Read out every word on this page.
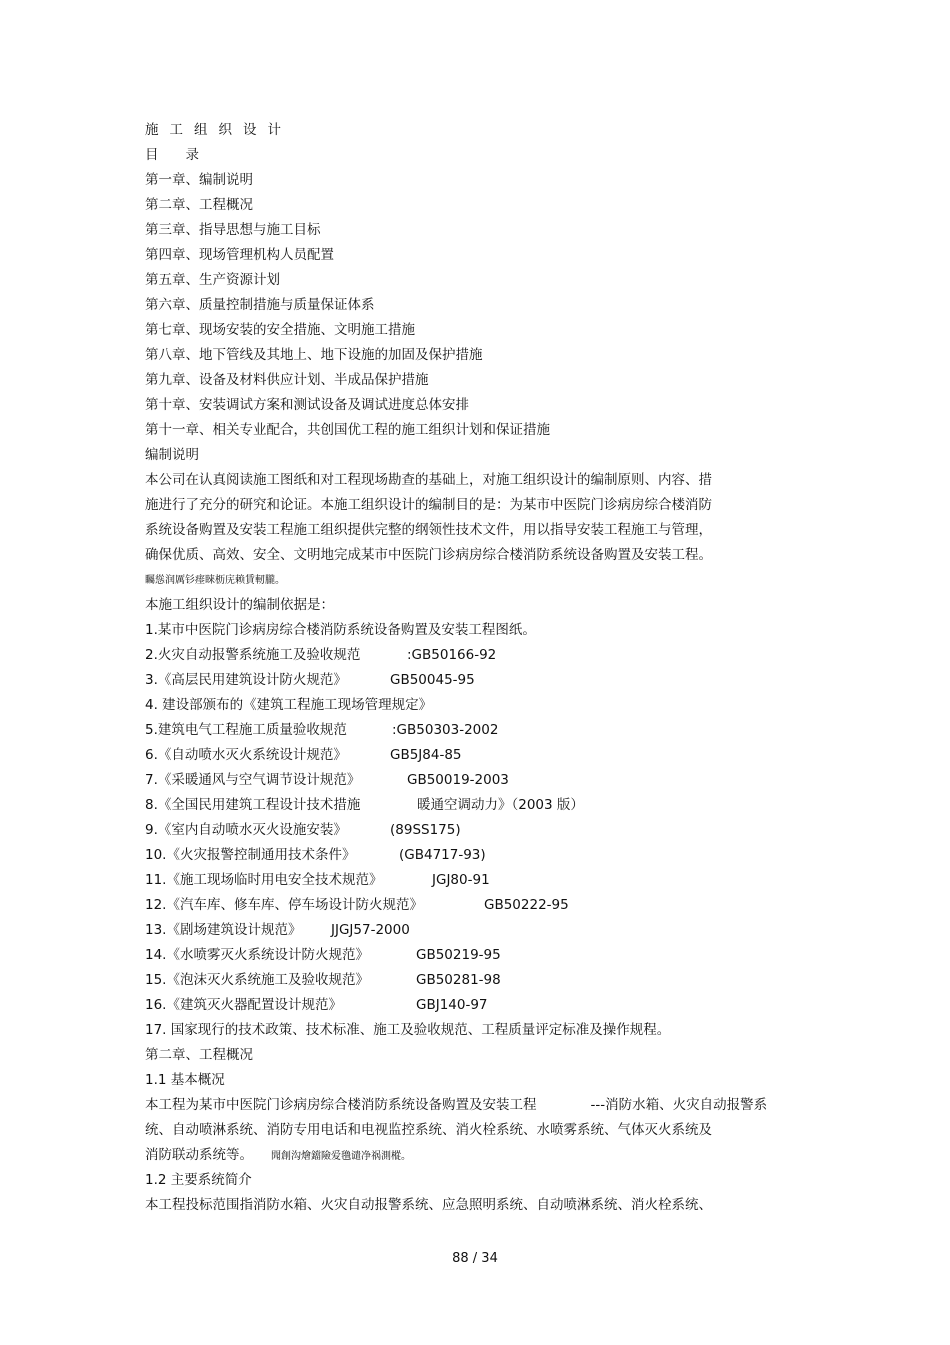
施工组织设计
目　　录
第一章、编制说明
第二章、工程概况
第三章、指导思想与施工目标
第四章、现场管理机构人员配置
第五章、生产资源计划
第六章、质量控制措施与质量保证体系
第七章、现场安装的安全措施、文明施工措施
第八章、地下管线及其地上、地下设施的加固及保护措施
第九章、设备及材料供应计划、半成品保护措施
第十章、安装调试方案和测试设备及调试进度总体安排
第十一章、相关专业配合，共创国优工程的施工组织计划和保证措施
编制说明
本公司在认真阅读施工图纸和对工程现场勘查的基础上，对施工组织设计的编制原则、内容、措
施进行了充分的研究和论证。本施工组织设计的编制目的是：为某市中医院门诊病房综合楼消防
系统设备购置及安装工程施工组织提供完整的纲领性技术文件，用以指导安装工程施工与管理，
确保优质、高效、安全、文明地完成某市中医院门诊病房综合楼消防系统设备购置及安装工程。
矚慫润厲钐瘗睞枥庑赖賃軔朧。
本施工组织设计的编制依据是：
1.某市中医院门诊病房综合楼消防系统设备购置及安装工程图纸。
2.火灾自动报警系统施工及验收规范	:GB50166-92
3.《高层民用建筑设计防火规范》	GB50045-95
4. 建设部颁布的《建筑工程施工现场管理规定》
5.建筑电气工程施工质量验收规范	:GB50303-2002
6.《自动喷水灭火系统设计规范》	GB5J84-85
7.《采暖通风与空气调节设计规范》	GB50019-2003
8.《全国民用建筑工程设计技术措施	暖通空调动力》（2003 版）
9.《室内自动喷水灭火设施安装》	(89SS175)
10.《火灾报警控制通用技术条件》	(GB4717-93)
11.《施工现场临时用电安全技术规范》	JGJ80-91
12.《汽车库、修车库、停车场设计防火规范》	GB50222-95
13.《剧场建筑设计规范》 JJGJ57-2000
14.《水喷雾灭火系统设计防火规范》	GB50219-95
15.《泡沫灭火系统施工及验收规范》	GB50281-98
16.《建筑灭火器配置设计规范》	GBJ140-97
17. 国家现行的技术政策、技术标准、施工及验收规范、工程质量评定标准及操作规程。
第二章、工程概况
1.1 基本概况
本工程为某市中医院门诊病房综合楼消防系统设备购置及安装工程　　　　---消防水箱、火灾自动报警系
统、自动喷淋系统、消防专用电话和电视监控系统、消火栓系统、水喷雾系统、气体灭火系统及
消防联动系统等。 聞創沟燴鐺險爱氇谴净祸測樅。
1.2 主要系统简介
本工程投标范围指消防水箱、火灾自动报警系统、应急照明系统、自动喷淋系统、消火栓系统、
88 / 34
